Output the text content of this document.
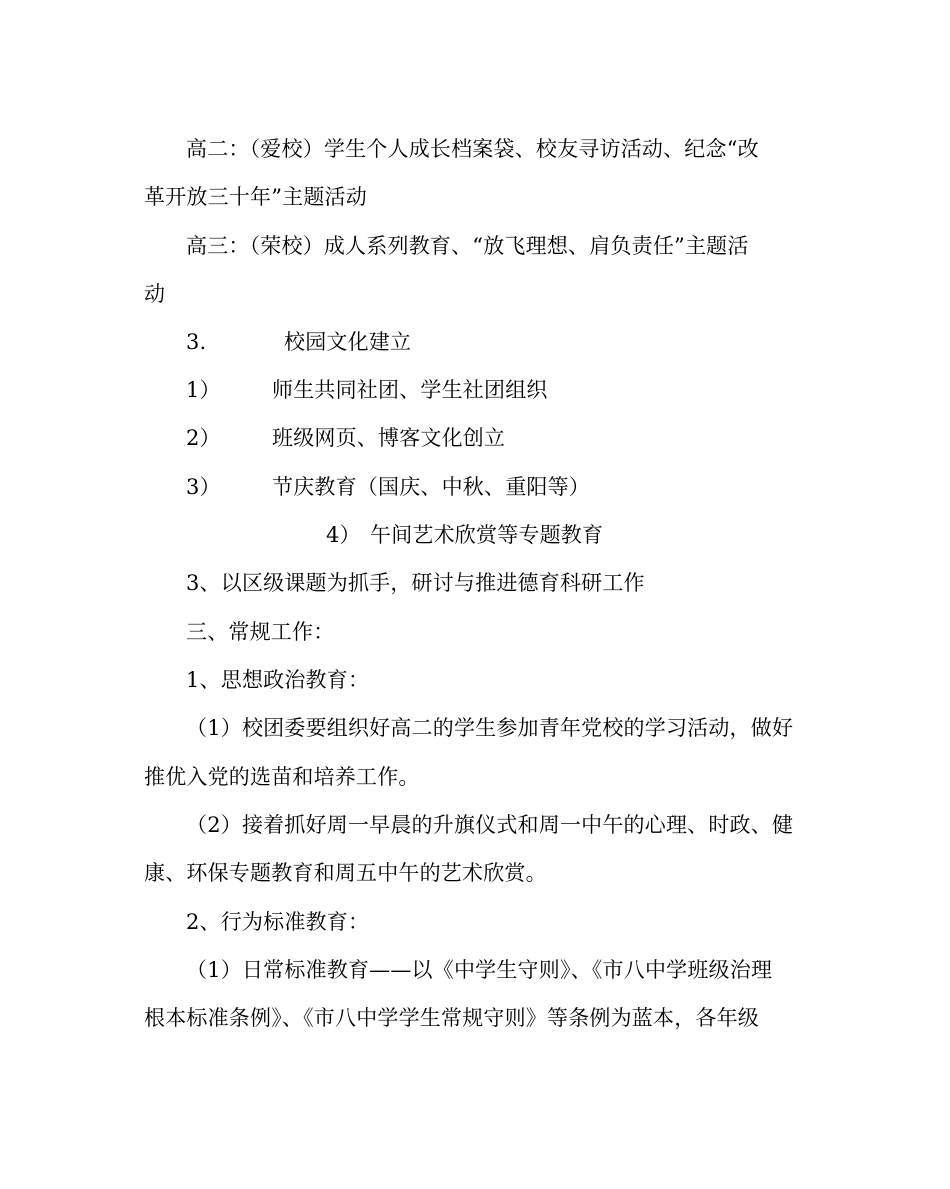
高二：（爱校）学生个人成长档案袋、校友寻访活动、纪念“改
革开放三十年”主题活动
高三：（荣校）成人系列教育、“放飞理想、肩负责任”主题活
动
3.	校园文化建立
1） 师生共同社团、学生社团组织
2） 班级网页、博客文化创立
3） 节庆教育（国庆、中秋、重阳等）
4） 午间艺术欣赏等专题教育
3、以区级课题为抓手，研讨与推进德育科研工作
三、常规工作：
1、思想政治教育：
（1）校团委要组织好高二的学生参加青年党校的学习活动，做好
推优入党的选苗和培养工作。
（2）接着抓好周一早晨的升旗仪式和周一中午的心理、时政、健
康、环保专题教育和周五中午的艺术欣赏。
2、行为标准教育：
（1）日常标准教育——以《中学生守则》、《市八中学班级治理
根本标准条例》、《市八中学学生常规守则》等条例为蓝本，各年级
